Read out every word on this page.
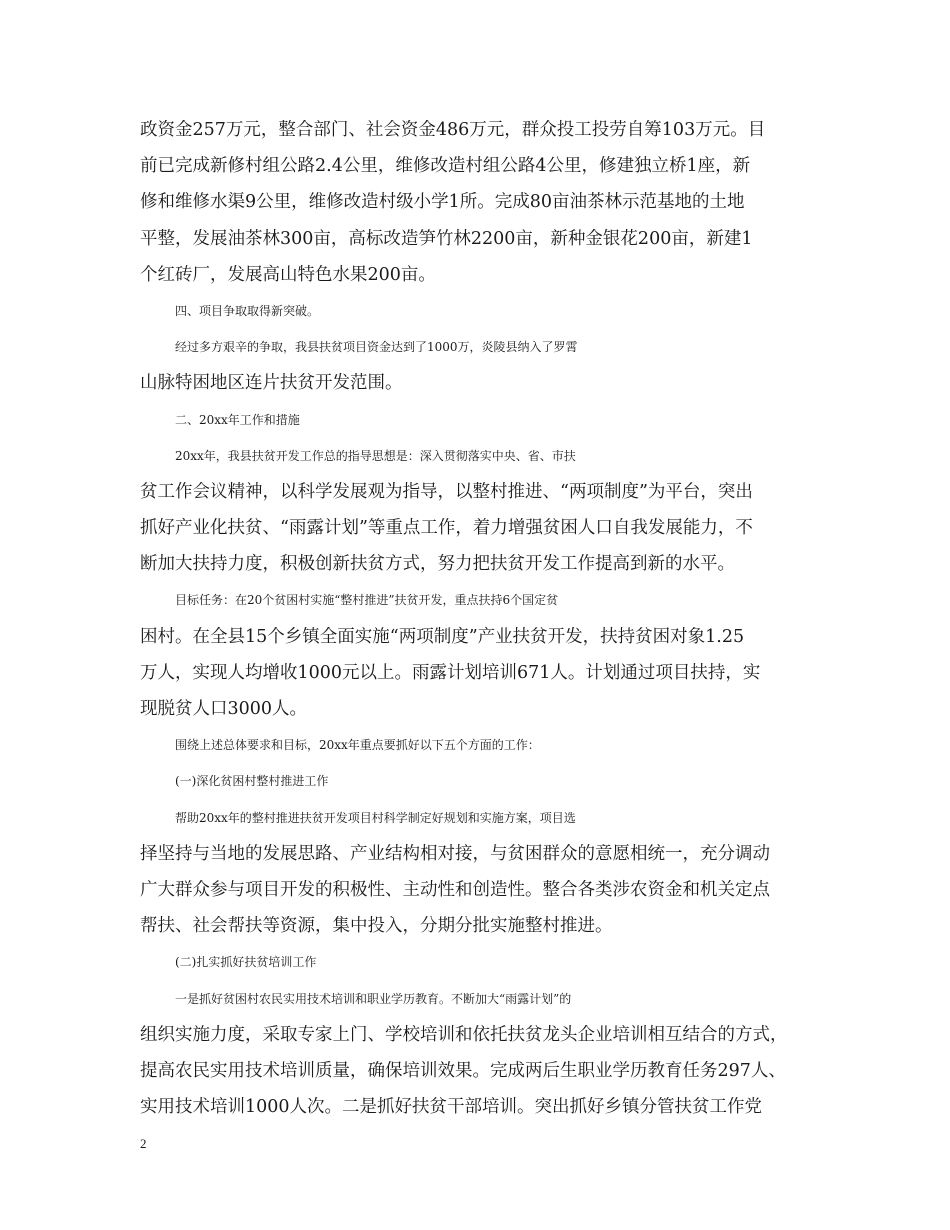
政资金257万元，整合部门、社会资金486万元，群众投工投劳自筹103万元。目
前已完成新修村组公路2.4公里，维修改造村组公路4公里，修建独立桥1座，新
修和维修水渠9公里，维修改造村级小学1所。完成80亩油茶林示范基地的土地
平整，发展油茶林300亩，高标改造笋竹林2200亩，新种金银花200亩，新建1
个红砖厂，发展高山特色水果200亩。
四、项目争取取得新突破。
经过多方艰辛的争取，我县扶贫项目资金达到了1000万，炎陵县纳入了罗霄
山脉特困地区连片扶贫开发范围。
二、20xx年工作和措施
20xx年，我县扶贫开发工作总的指导思想是：深入贯彻落实中央、省、市扶
贫工作会议精神，以科学发展观为指导，以整村推进、“两项制度”为平台，突出
抓好产业化扶贫、“雨露计划”等重点工作，着力增强贫困人口自我发展能力，不
断加大扶持力度，积极创新扶贫方式，努力把扶贫开发工作提高到新的水平。
目标任务：在20个贫困村实施“整村推进”扶贫开发，重点扶持6个国定贫
困村。在全县15个乡镇全面实施“两项制度”产业扶贫开发，扶持贫困对象1.25
万人，实现人均增收1000元以上。雨露计划培训671人。计划通过项目扶持，实
现脱贫人口3000人。
围绕上述总体要求和目标，20xx年重点要抓好以下五个方面的工作：
(一)深化贫困村整村推进工作
帮助20xx年的整村推进扶贫开发项目村科学制定好规划和实施方案，项目选
择坚持与当地的发展思路、产业结构相对接，与贫困群众的意愿相统一，充分调动
广大群众参与项目开发的积极性、主动性和创造性。整合各类涉农资金和机关定点
帮扶、社会帮扶等资源，集中投入，分期分批实施整村推进。
(二)扎实抓好扶贫培训工作
一是抓好贫困村农民实用技术培训和职业学历教育。不断加大“雨露计划”的
组织实施力度，采取专家上门、学校培训和依托扶贫龙头企业培训相互结合的方式，
提高农民实用技术培训质量，确保培训效果。完成两后生职业学历教育任务297人、
实用技术培训1000人次。二是抓好扶贫干部培训。突出抓好乡镇分管扶贫工作党
2
